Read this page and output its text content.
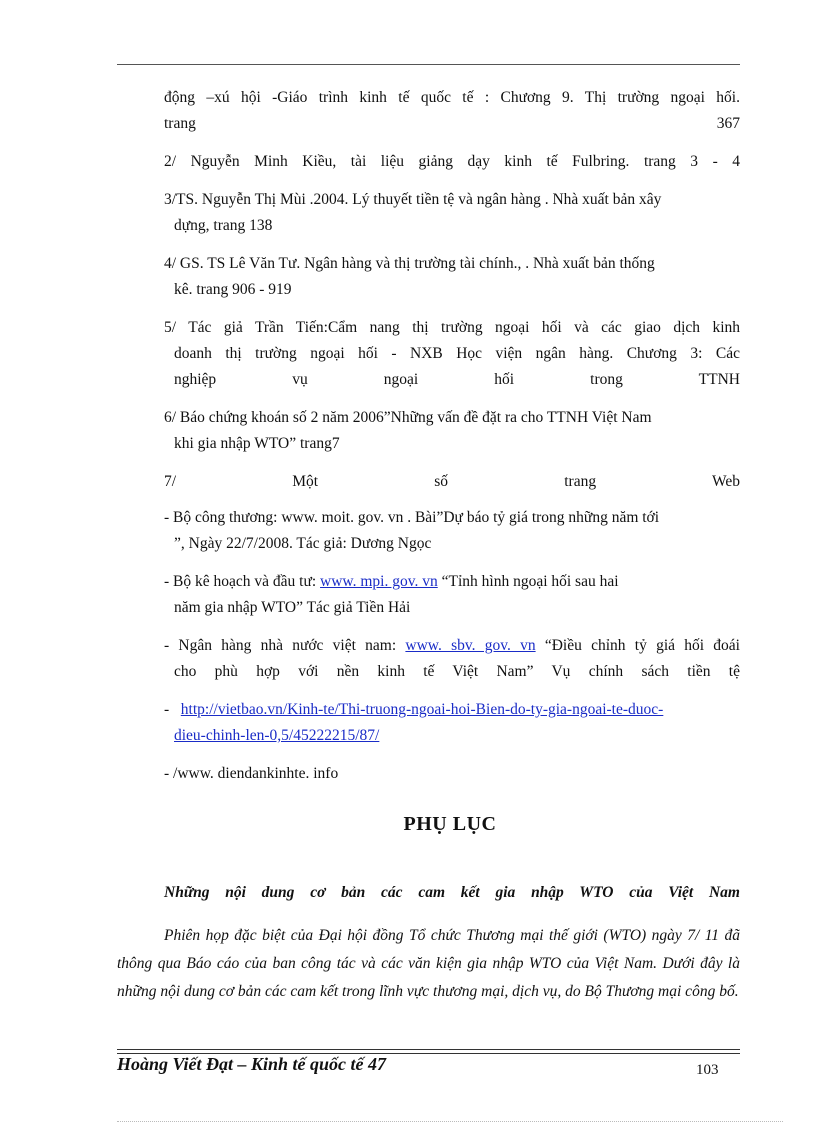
động –xú hội -Giáo trình kinh tế quốc tế : Chương 9. Thị trường ngoại hối.
trang	367
2/ Nguyễn Minh Kiều, tài liệu giảng dạy kinh tế Fulbring. trang 3 - 4
3/TS. Nguyễn Thị Mùi .2004. Lý thuyết tiền tệ và ngân hàng . Nhà xuất bản xây
dựng, trang 138
4/ GS. TS Lê Văn Tư. Ngân hàng và thị trường tài chính., . Nhà xuất bản thống
kê. trang 906 - 919
5/ Tác giả Trần Tiến:Cẩm nang thị trường ngoại hối và các giao dịch kinh
doanh thị trường ngoại hối - NXB Học viện ngân hàng. Chương 3: Các
nghiệp vụ ngoại hối trong TTNH
6/ Báo chứng khoán số 2 năm 2006”Những vấn đề đặt ra cho TTNH Việt Nam
khi gia nhập WTO” trang7
7/ Một số trang Web
- Bộ công thương: www. moit. gov. vn . Bài”Dự báo tỷ giá trong những năm tới
”, Ngày 22/7/2008. Tác giả: Dương Ngọc
- Bộ kê hoạch và đầu tư: www. mpi. gov. vn “Tỉnh hình ngoại hối sau hai
năm gia nhập WTO” Tác giả Tiền Hải
- Ngân hàng nhà nước việt nam: www. sbv. gov. vn “Điều chỉnh tỷ giá hối đoái
cho phù hợp với nền kinh tế Việt Nam” Vụ chính sách tiền tệ
- http://vietbao.vn/Kinh-te/Thi-truong-ngoai-hoi-Bien-do-ty-gia-ngoai-te-duoc-
dieu-chinh-len-0,5/45222215/87/
- /www. diendankinhte. info
PHỤ LỤC
Những nội dung cơ bản các cam kết gia nhập WTO của Việt Nam
Phiên họp đặc biệt của Đại hội đồng Tổ chức Thương mại thế giới (WTO) ngày 7/ 11 đã thông qua Báo cáo của ban công tác và các văn kiện gia nhập WTO của Việt Nam. Dưới đây là những nội dung cơ bản các cam kết trong lĩnh vực thương mại, dịch vụ, do Bộ Thương mại công bố.
Hoàng Viết Đạt – Kinh tế quốc tế 47	103
